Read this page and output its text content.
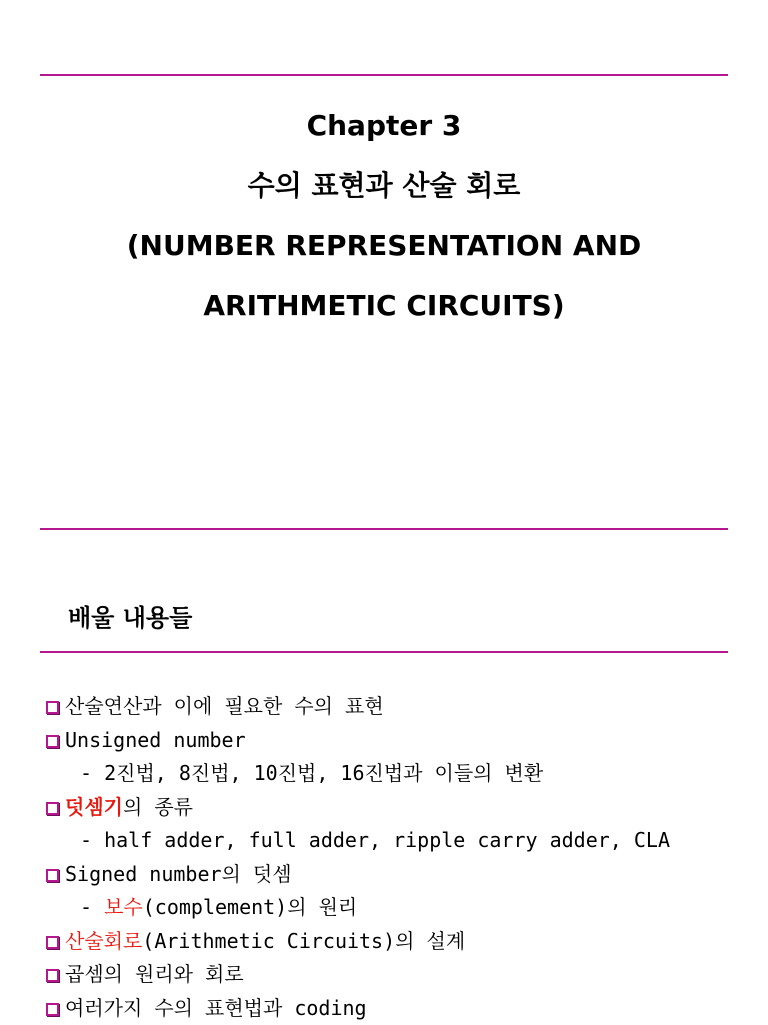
Chapter 3
수의 표현과 산술 회로
(NUMBER REPRESENTATION AND
ARITHMETIC CIRCUITS)
배울 내용들
산술연산과 이에 필요한 수의 표현
Unsigned number
- 2진법, 8진법, 10진법, 16진법과 이들의 변환
덧셈기의 종류
- half adder, full adder, ripple carry adder, CLA
Signed number의 덧셈
- 보수(complement)의 원리
산술회로(Arithmetic Circuits)의 설계
곱셈의 원리와 회로
여러가지 수의 표현법과 coding
